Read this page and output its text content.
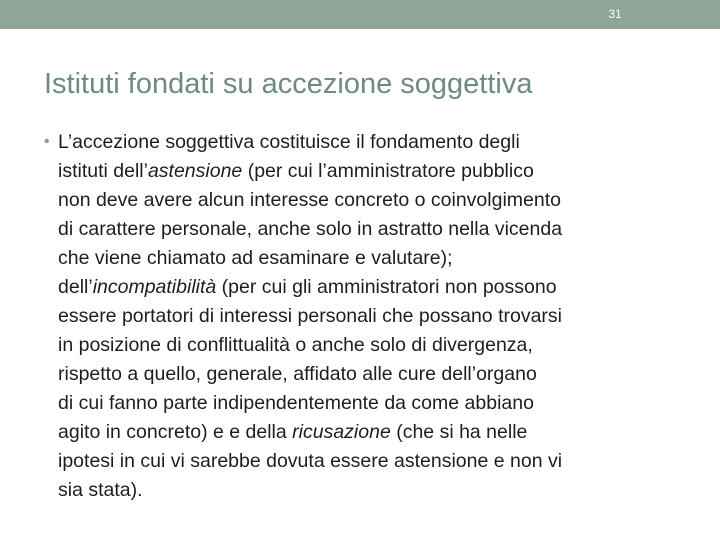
31
Istituti fondati su accezione soggettiva
• L’accezione soggettiva costituisce il fondamento degli
istituti dell’astensione (per cui l’amministratore pubblico
non deve avere alcun interesse concreto o coinvolgimento
di carattere personale, anche solo in astratto nella vicenda
che viene chiamato ad esaminare e valutare);
dell’incompatibilità (per cui gli amministratori non possono
essere portatori di interessi personali che possano trovarsi
in posizione di conflittualità o anche solo di divergenza,
rispetto a quello, generale, affidato alle cure dell’organo
di cui fanno parte indipendentemente da come abbiano
agito in concreto) e e della ricusazione (che si ha nelle
ipotesi in cui vi sarebbe dovuta essere astensione e non vi
sia stata).
